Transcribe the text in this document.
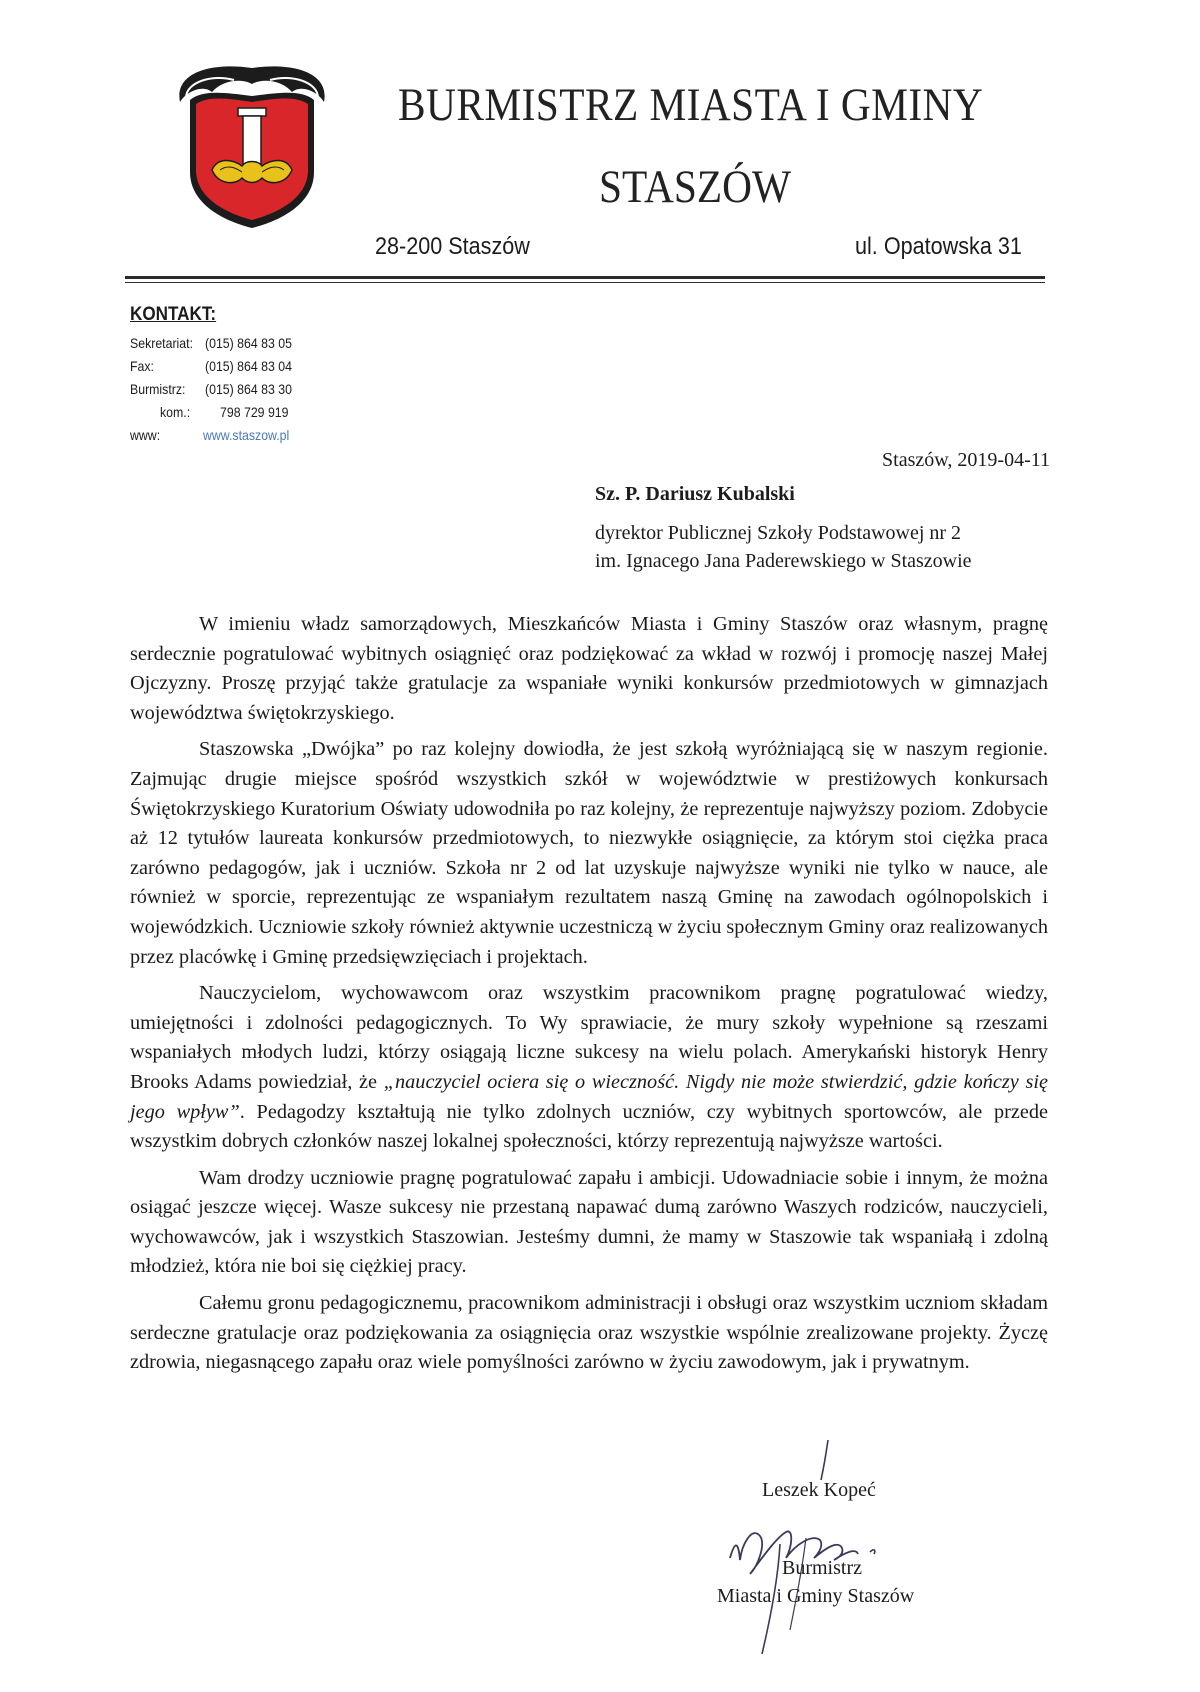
BURMISTRZ MIASTA I GMINY
STASZÓW
28-200 Staszów	ul. Opatowska 31
KONTAKT:
Sekretariat: (015) 864 83 05
Fax:	(015) 864 83 04
Burmistrz: (015) 864 83 30
kom.: 798 729 919
www:	www.staszow.pl
Staszów, 2019-04-11
Sz. P. Dariusz Kubalski
dyrektor Publicznej Szkoły Podstawowej nr 2
im. Ignacego Jana Paderewskiego w Staszowie

W imieniu władz samorządowych, Mieszkańców Miasta i Gminy Staszów oraz własnym, pragnę serdecznie pogratulować wybitnych osiągnięć oraz podziękować za wkład w rozwój i promocję naszej Małej Ojczyzny. Proszę przyjąć także gratulacje za wspaniałe wyniki konkursów przedmiotowych w gimnazjach województwa świętokrzyskiego.

Staszowska „Dwójka” po raz kolejny dowiodła, że jest szkołą wyróżniającą się w naszym regionie. Zajmując drugie miejsce spośród wszystkich szkół w województwie w prestiżowych konkursach Świętokrzyskiego Kuratorium Oświaty udowodniła po raz kolejny, że reprezentuje najwyższy poziom. Zdobycie aż 12 tytułów laureata konkursów przedmiotowych, to niezwykłe osiągnięcie, za którym stoi ciężka praca zarówno pedagogów, jak i uczniów. Szkoła nr 2 od lat uzyskuje najwyższe wyniki nie tylko w nauce, ale również w sporcie, reprezentując ze wspaniałym rezultatem naszą Gminę na zawodach ogólnopolskich i wojewódzkich. Uczniowie szkoły również aktywnie uczestniczą w życiu społecznym Gminy oraz realizowanych przez placówkę i Gminę przedsięwzięciach i projektach.

Nauczycielom, wychowawcom oraz wszystkim pracownikom pragnę pogratulować wiedzy, umiejętności i zdolności pedagogicznych. To Wy sprawiacie, że mury szkoły wypełnione są rzeszami wspaniałych młodych ludzi, którzy osiągają liczne sukcesy na wielu polach. Amerykański historyk Henry Brooks Adams powiedział, że „nauczyciel ociera się o wieczność. Nigdy nie może stwierdzić, gdzie kończy się jego wpływ”. Pedagodzy kształtują nie tylko zdolnych uczniów, czy wybitnych sportowców, ale przede wszystkim dobrych członków naszej lokalnej społeczności, którzy reprezentują najwyższe wartości.

Wam drodzy uczniowie pragnę pogratulować zapału i ambicji. Udowadniacie sobie i innym, że można osiągać jeszcze więcej. Wasze sukcesy nie przestaną napawać dumą zarówno Waszych rodziców, nauczycieli, wychowawców, jak i wszystkich Staszowian. Jesteśmy dumni, że mamy w Staszowie tak wspaniałą i zdolną młodzież, która nie boi się ciężkiej pracy.

Całemu gronu pedagogicznemu, pracownikom administracji i obsługi oraz wszystkim uczniom składam serdeczne gratulacje oraz podziękowania za osiągnięcia oraz wszystkie wspólnie zrealizowane projekty. Życzę zdrowia, niegasnącego zapału oraz wiele pomyślności zarówno w życiu zawodowym, jak i prywatnym.

Leszek Kopeć
Burmistrz
Miasta i Gminy Staszów
